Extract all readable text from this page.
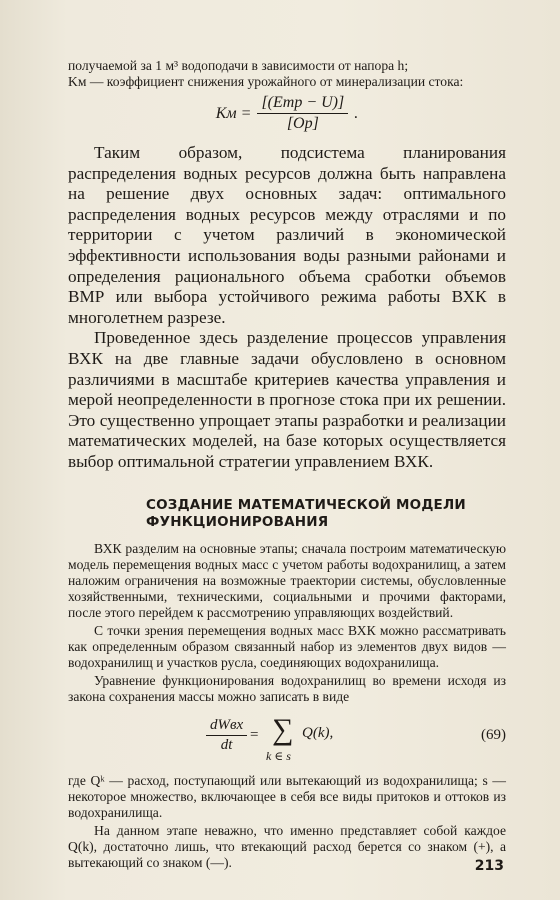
получаемой за 1 м³ водоподачи в зависимости от напора h;

Kм — коэффициент снижения урожайного от минерализации стока:

Kм = $\frac{\text{[(Eтр − U)]}}{[Oр]}$ .

Таким образом, подсистема планирования распределения водных ресурсов должна быть направлена на решение двух основных задач: оптимального распределения водных ресурсов между отраслями и по территории с учетом различий в экономической эффективности использования воды разными районами и определения рационального объема сработки объемов ВМР или выбора устойчивого режима работы ВХК в многолетнем разрезе.

Проведенное здесь разделение процессов управления ВХК на две главные задачи обусловлено в основном различиями в масштабе критериев качества управления и мерой неопределенности в прогнозе стока при их решении. Это существенно упрощает этапы разработки и реализации математических моделей, на базе которых осуществляется выбор оптимальной стратегии управлением ВХК.

СОЗДАНИЕ МАТЕМАТИЧЕСКОЙ МОДЕЛИ
ФУНКЦИОНИРОВАНИЯ

ВХК разделим на основные этапы; сначала построим математическую модель перемещения водных масс с учетом работы водохранилищ, а затем наложим ограничения на возможные траектории системы, обусловленные хозяйственными, техническими, социальными и прочими факторами, после этого перейдем к рассмотрению управляющих воздействий.

С точки зрения перемещения водных масс ВХК можно рассматривать как определенным образом связанный набор из элементов двух видов — водохранилищ и участков русла, соединяющих водохранилища.

Уравнение функционирования водохранилищ во времени исходя из закона сохранения массы можно записать в виде

dWвх
dt
= ∑
k ∈ s
Q(k),	(69)

где Qᵏ — расход, поступающий или вытекающий из водохранилища; s — некоторое множество, включающее в себя все виды притоков и оттоков из водохранилища.

На данном этапе неважно, что именно представляет собой каждое Q(k), достаточно лишь, что втекающий расход берется со знаком (+), а вытекающий со знаком (—).	213
